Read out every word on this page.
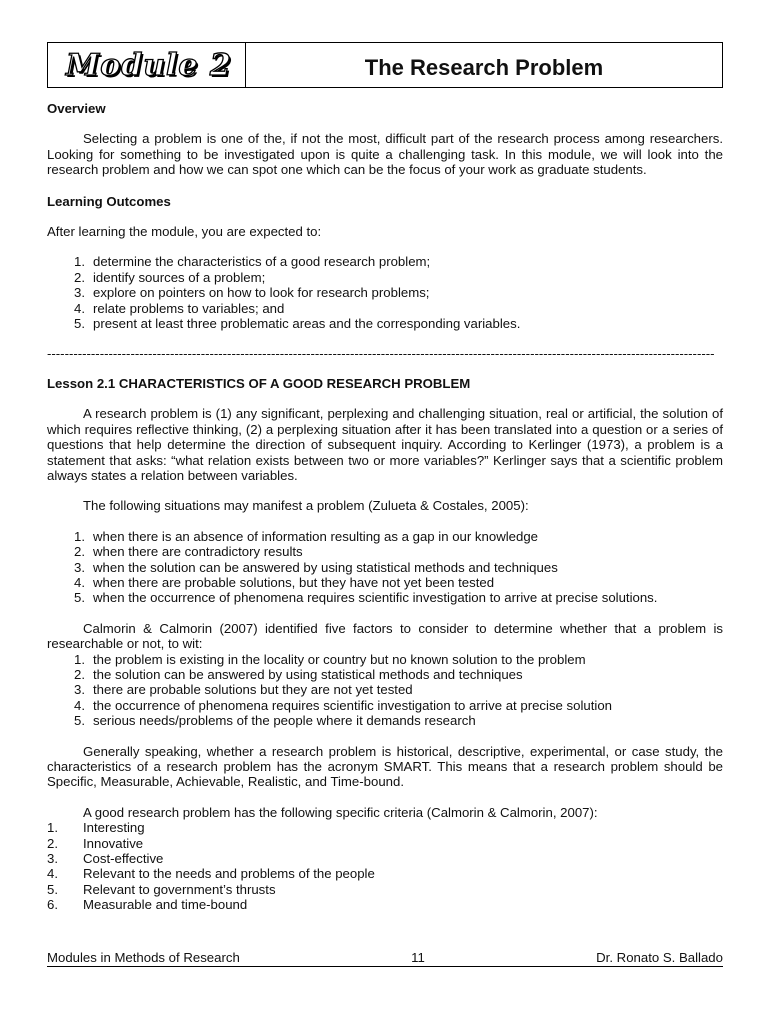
Module 2	The Research Problem
Overview

Selecting a problem is one of the, if not the most, difficult part of the research process among researchers. Looking for something to be investigated upon is quite a challenging task. In this module, we will look into the research problem and how we can spot one which can be the focus of your work as graduate students.

Learning Outcomes

After learning the module, you are expected to:

1. determine the characteristics of a good research problem;
2. identify sources of a problem;
3. explore on pointers on how to look for research problems;
4. relate problems to variables; and
5. present at least three problematic areas and the corresponding variables.
--------------------------------------------------------------------------------------------------------------------------------------------------------
Lesson 2.1 CHARACTERISTICS OF A GOOD RESEARCH PROBLEM

A research problem is (1) any significant, perplexing and challenging situation, real or artificial, the solution of which requires reflective thinking, (2) a perplexing situation after it has been translated into a question or a series of questions that help determine the direction of subsequent inquiry. According to Kerlinger (1973), a problem is a statement that asks: “what relation exists between two or more variables?” Kerlinger says that a scientific problem always states a relation between variables.

The following situations may manifest a problem (Zulueta & Costales, 2005):

1. when there is an absence of information resulting as a gap in our knowledge
2. when there are contradictory results
3. when the solution can be answered by using statistical methods and techniques
4. when there are probable solutions, but they have not yet been tested
5. when the occurrence of phenomena requires scientific investigation to arrive at precise solutions.

Calmorin & Calmorin (2007) identified five factors to consider to determine whether that a problem is researchable or not, to wit:

1. the problem is existing in the locality or country but no known solution to the problem
2. the solution can be answered by using statistical methods and techniques
3. there are probable solutions but they are not yet tested
4. the occurrence of phenomena requires scientific investigation to arrive at precise solution
5. serious needs/problems of the people where it demands research

Generally speaking, whether a research problem is historical, descriptive, experimental, or case study, the characteristics of a research problem has the acronym SMART. This means that a research problem should be Specific, Measurable, Achievable, Realistic, and Time-bound.

A good research problem has the following specific criteria (Calmorin & Calmorin, 2007):

1.	Interesting
2.	Innovative
3.	Cost-effective
4.	Relevant to the needs and problems of the people
5.	Relevant to government’s thrusts
6.	Measurable and time-bound
Modules in Methods of Research	11	Dr. Ronato S. Ballado
